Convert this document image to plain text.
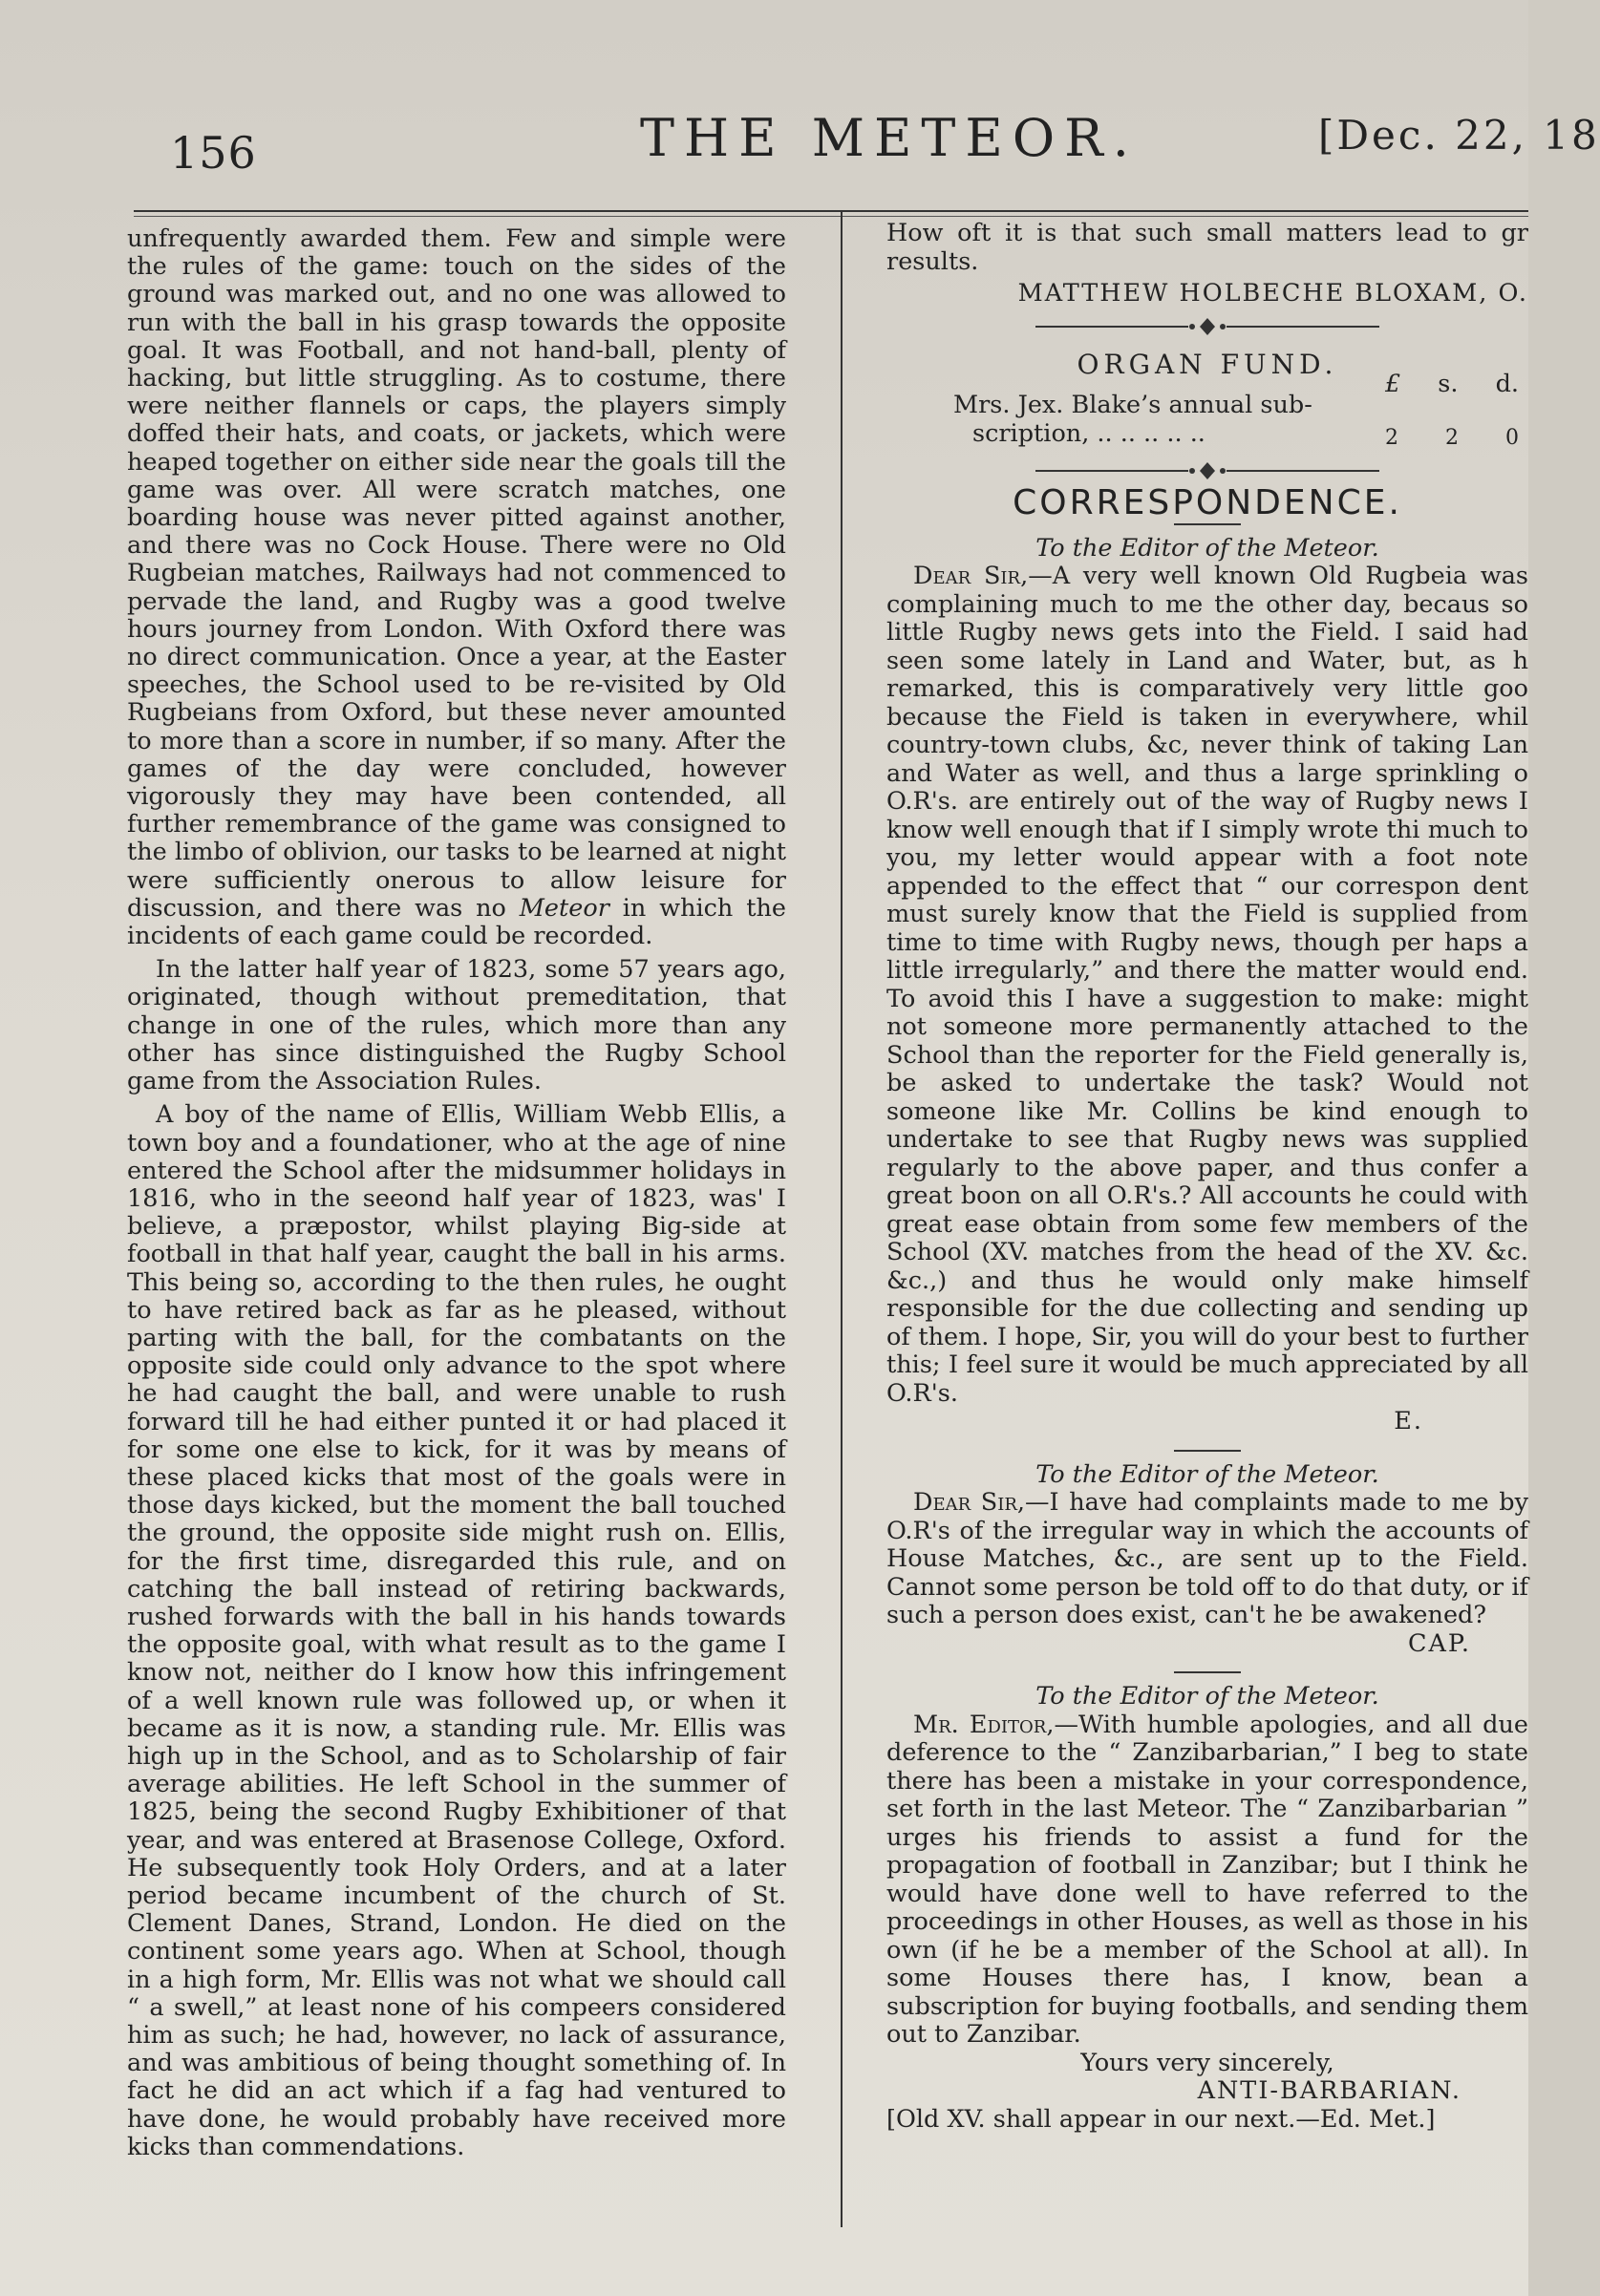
156	THE METEOR.	[Dec. 22, 18

unfrequently awarded them. Few and simple were the rules of the game: touch on the sides of the ground was marked out, and no one was allowed to run with the ball in his grasp towards the opposite goal. It was Football, and not hand-ball, plenty of hacking, but little struggling. As to costume, there were neither flannels or caps, the players simply doffed their hats, and coats, or jackets, which were heaped together on either side near the goals till the game was over. All were scratch matches, one boarding house was never pitted against another, and there was no Cock House. There were no Old Rugbeian matches, Railways had not commenced to pervade the land, and Rugby was a good twelve hours journey from London. With Oxford there was no direct communication. Once a year, at the Easter speeches, the School used to be re-visited by Old Rugbeians from Oxford, but these never amounted to more than a score in number, if so many. After the games of the day were concluded, however vigorously they may have been contended, all further remembrance of the game was consigned to the limbo of oblivion, our tasks to be learned at night were sufficiently onerous to allow leisure for discussion, and there was no Meteor in which the incidents of each game could be recorded.

In the latter half year of 1823, some 57 years ago, originated, though without premeditation, that change in one of the rules, which more than any other has since distinguished the Rugby School game from the Association Rules.

A boy of the name of Ellis, William Webb Ellis, a town boy and a foundationer, who at the age of nine entered the School after the midsummer holidays in 1816, who in the seeond half year of 1823, was' I believe, a præpostor, whilst playing Big-side at football in that half year, caught the ball in his arms. This being so, according to the then rules, he ought to have retired back as far as he pleased, without parting with the ball, for the combatants on the opposite side could only advance to the spot where he had caught the ball, and were unable to rush forward till he had either punted it or had placed it for some one else to kick, for it was by means of these placed kicks that most of the goals were in those days kicked, but the moment the ball touched the ground, the opposite side might rush on. Ellis, for the first time, disregarded this rule, and on catching the ball instead of retiring backwards, rushed forwards with the ball in his hands towards the opposite goal, with what result as to the game I know not, neither do I know how this infringement of a well known rule was followed up, or when it became as it is now, a standing rule. Mr. Ellis was high up in the School, and as to Scholarship of fair average abilities. He left School in the summer of 1825, being the second Rugby Exhibitioner of that year, and was entered at Brasenose College, Oxford. He subsequently took Holy Orders, and at a later period became incumbent of the church of St. Clement Danes, Strand, London. He died on the continent some years ago. When at School, though in a high form, Mr. Ellis was not what we should call “ a swell,” at least none of his compeers considered him as such; he had, however, no lack of assurance, and was ambitious of being thought something of. In fact he did an act which if a fag had ventured to have done, he would probably have received more kicks than commendations.

How oft it is that such small matters lead to gr results.

MATTHEW HOLBECHE BLOXAM, O.

ORGAN FUND.
Mrs. Jex. Blake’s annual sub-
scription, .. .. .. .. ..
£ s. d.
2 2 0
CORRESPONDENCE.

To the Editor of the Meteor.

Dear Sir,—A very well known Old Rugbeia was complaining much to me the other day, becaus so little Rugby news gets into the Field. I said had seen some lately in Land and Water, but, as h remarked, this is comparatively very little goo because the Field is taken in everywhere, whil country-town clubs, &c, never think of taking Lan and Water as well, and thus a large sprinkling o O.R's. are entirely out of the way of Rugby news I know well enough that if I simply wrote thi much to you, my letter would appear with a foot note appended to the effect that “ our correspon dent must surely know that the Field is supplied from time to time with Rugby news, though per haps a little irregularly,” and there the matter would end. To avoid this I have a suggestion to make: might not someone more permanently attached to the School than the reporter for the Field generally is, be asked to undertake the task? Would not someone like Mr. Collins be kind enough to undertake to see that Rugby news was supplied regularly to the above paper, and thus confer a great boon on all O.R's.? All accounts he could with great ease obtain from some few members of the School (XV. matches from the head of the XV. &c. &c.,) and thus he would only make himself responsible for the due collecting and sending up of them. I hope, Sir, you will do your best to further this; I feel sure it would be much appreciated by all O.R's.

E.

To the Editor of the Meteor.

Dear Sir,—I have had complaints made to me by O.R's of the irregular way in which the accounts of House Matches, &c., are sent up to the Field. Cannot some person be told off to do that duty, or if such a person does exist, can't he be awakened?

CAP.

To the Editor of the Meteor.

Mr. Editor,—With humble apologies, and all due deference to the “ Zanzibarbarian,” I beg to state there has been a mistake in your correspondence, set forth in the last Meteor. The “ Zanzibarbarian ” urges his friends to assist a fund for the propagation of football in Zanzibar; but I think he would have done well to have referred to the proceedings in other Houses, as well as those in his own (if he be a member of the School at all). In some Houses there has, I know, bean a subscription for buying footballs, and sending them out to Zanzibar.

Yours very sincerely,

ANTI-BARBARIAN.

[Old XV. shall appear in our next.—Ed. Met.]
